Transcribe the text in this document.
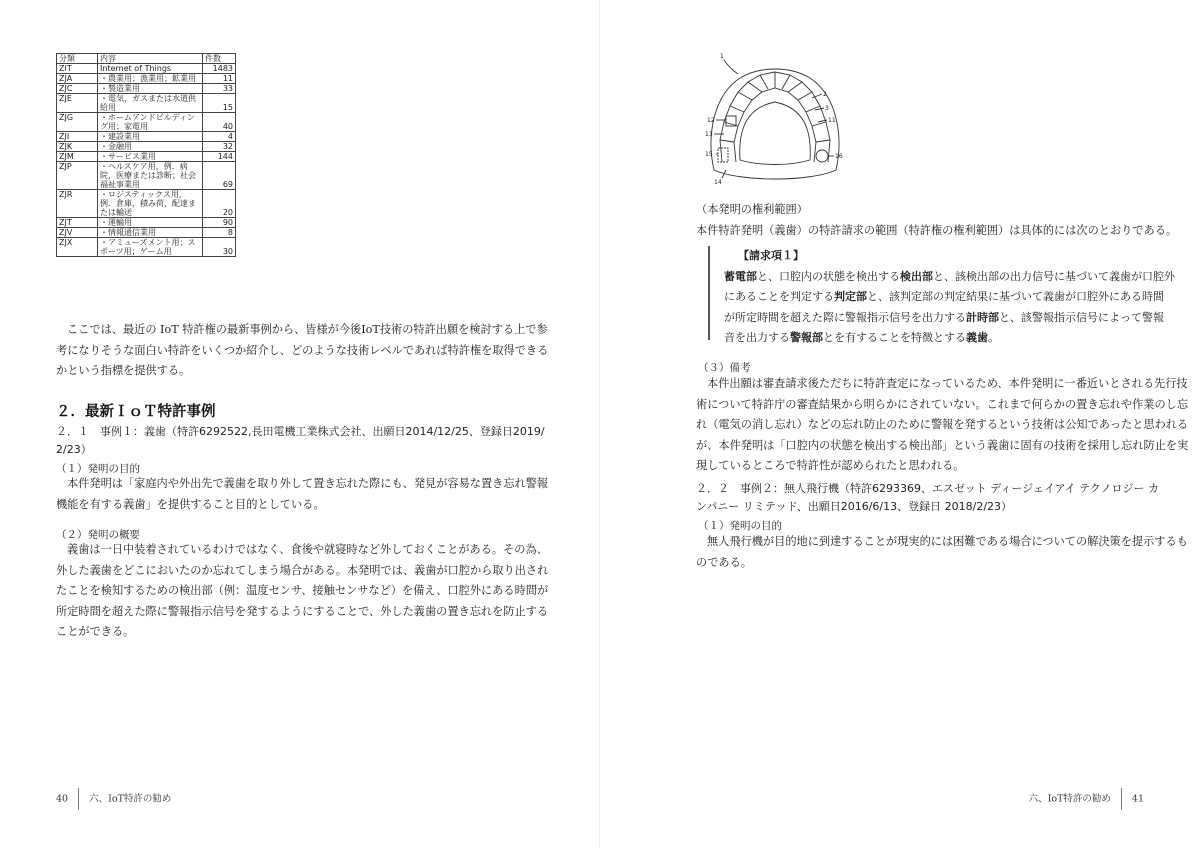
分類	内容	件数
ZIT	Internet of Things	1483
ZJA	・農業用；漁業用；鉱業用	11
ZJC	・製造業用	33
ZJE	・電気，ガスまたは水道供給用	15
ZJG	・ホームアンドビルディング用；家電用	40
ZJI	・建設業用	4
ZJK	・金融用	32
ZJM	・サービス業用	144
ZJP	・ヘルスケア用，例．病院，医療または診断；社会福祉事業用	69
ZJR	・ロジスティックス用，例．倉庫，積み荷，配達または輸送	20
ZJT	・運輸用	90
ZJV	・情報通信業用	8
ZJX	・アミューズメント用；スポーツ用；ゲーム用	30

ここでは、最近の IoT 特許権の最新事例から、皆様が今後IoT技術の特許出願を検討する上で参

考になりそうな面白い特許をいくつか紹介し、どのような技術レベルであれば特許権を取得できる

かという指標を提供する。

２．最新ＩｏＴ特許事例
２．１　事例１：義歯（特許6292522,長田電機工業株式会社、出願日2014/12/25、登録日2019/
2/23）
（１）発明の目的

本件発明は「家庭内や外出先で義歯を取り外して置き忘れた際にも、発見が容易な置き忘れ警報

機能を有する義歯」を提供すること目的としている。

（２）発明の概要

義歯は一日中装着されているわけではなく、食後や就寝時など外しておくことがある。その為、

外した義歯をどこにおいたのか忘れてしまう場合がある。本発明では、義歯が口腔から取り出され

たことを検知するための検出部（例：温度センサ、接触センサなど）を備え、口腔外にある時間が

所定時間を超えた際に警報指示信号を発するようにすることで、外した義歯の置き忘れを防止する

ことができる。

40 六、IoT特許の勧め
1
2
3
11
12
13
14
15	16

（本発明の権利範囲）

本件特許発明（義歯）の特許請求の範囲（特許権の権利範囲）は具体的には次のとおりである。

【請求項１】

蓄電部と、口腔内の状態を検出する検出部と、該検出部の出力信号に基づいて義歯が口腔外

にあることを判定する判定部と、該判定部の判定結果に基づいて義歯が口腔外にある時間

が所定時間を超えた際に警報指示信号を出力する計時部と、該警報指示信号によって警報

音を出力する警報部とを有することを特徴とする義歯。

（３）備考

本件出願は審査請求後ただちに特許査定になっているため、本件発明に一番近いとされる先行技

術について特許庁の審査結果から明らかにされていない。これまで何らかの置き忘れや作業のし忘

れ（電気の消し忘れ）などの忘れ防止のために警報を発するという技術は公知であったと思われる

が、本件発明は「口腔内の状態を検出する検出部」という義歯に固有の技術を採用し忘れ防止を実

現しているところで特許性が認められたと思われる。

２．２　事例２：無人飛行機（特許6293369、エスゼット ディージェイアイ テクノロジー カ
ンパニー リミテッド、出願日2016/6/13、登録日 2018/2/23）
（１）発明の目的

無人飛行機が目的地に到達することが現実的には困難である場合についての解決策を提示するも

のである。

六、IoT特許の勧め 41
